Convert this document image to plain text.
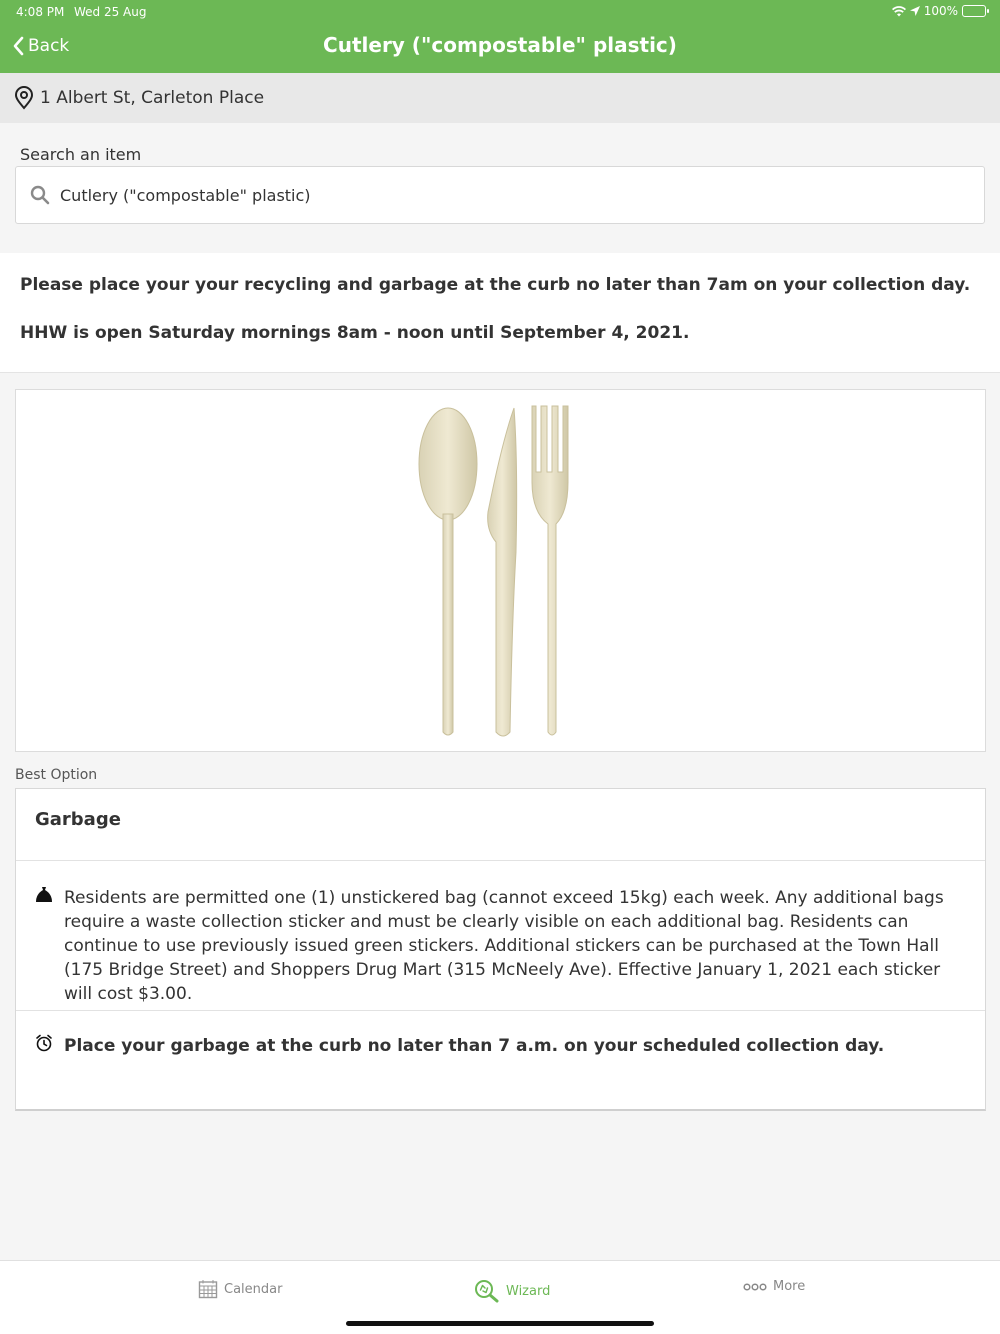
4:08 PM Wed 25 Aug	100%
Back	Cutlery ("compostable" plastic)
1 Albert St, Carleton Place
Search an item
Cutlery ("compostable" plastic)
Please place your your recycling and garbage at the curb no later than 7am on your collection day.
HHW is open Saturday mornings 8am - noon until September 4, 2021.
Best Option
Garbage
Residents are permitted one (1) unstickered bag (cannot exceed 15kg) each week. Any additional bags require a waste collection sticker and must be clearly visible on each additional bag. Residents can continue to use previously issued green stickers. Additional stickers can be purchased at the Town Hall (175 Bridge Street) and Shoppers Drug Mart (315 McNeely Ave). Effective January 1, 2021 each sticker will cost $3.00.
Place your garbage at the curb no later than 7 a.m. on your scheduled collection day.
Calendar	Wizard	More
